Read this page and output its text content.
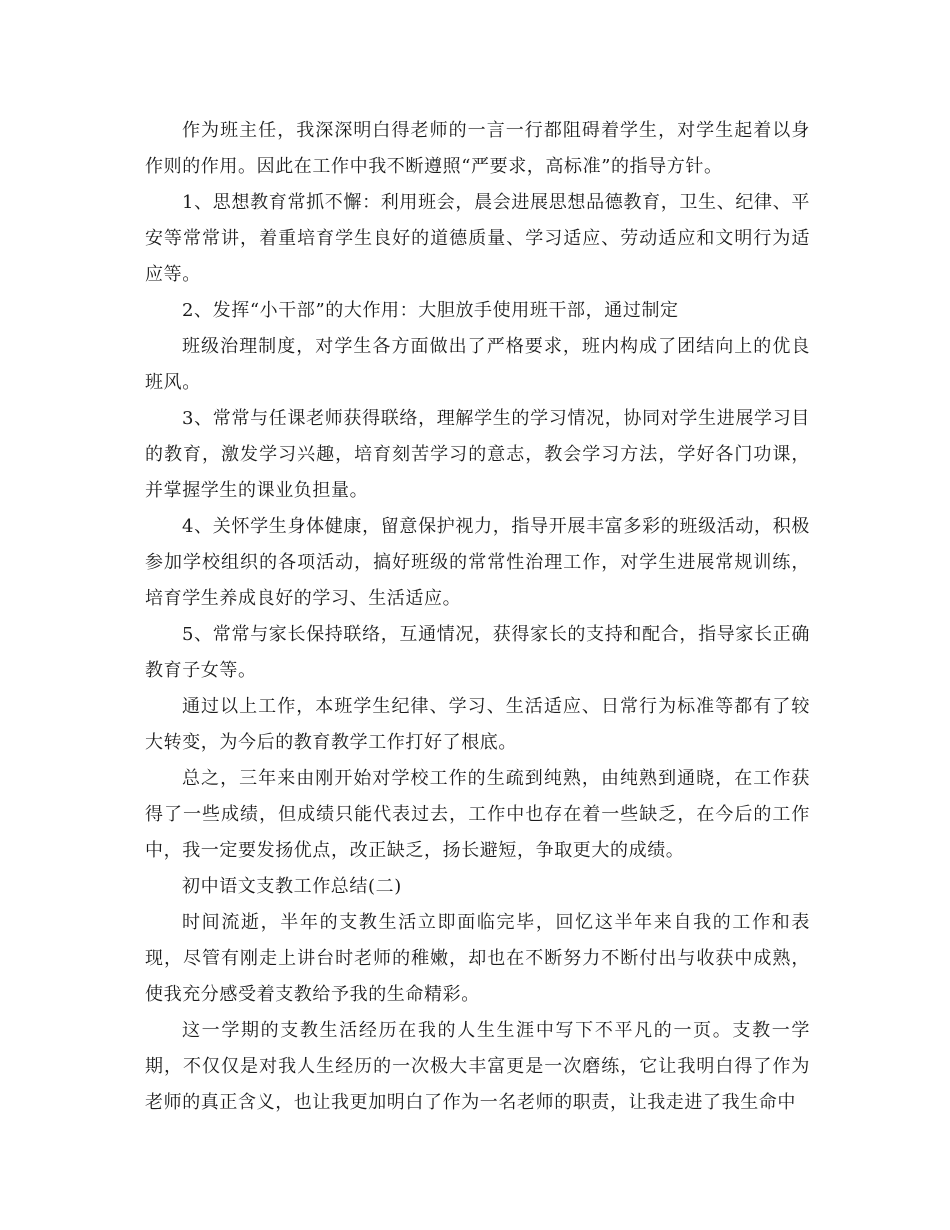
作为班主任，我深深明白得老师的一言一行都阻碍着学生，对学生起着以身作则的作用。因此在工作中我不断遵照“严要求，高标准”的指导方针。

1、思想教育常抓不懈：利用班会，晨会进展思想品德教育，卫生、纪律、平安等常常讲，着重培育学生良好的道德质量、学习适应、劳动适应和文明行为适应等。

2、发挥“小干部”的大作用：大胆放手使用班干部，通过制定

班级治理制度，对学生各方面做出了严格要求，班内构成了团结向上的优良班风。

3、常常与任课老师获得联络，理解学生的学习情况，协同对学生进展学习目的教育，激发学习兴趣，培育刻苦学习的意志，教会学习方法，学好各门功课，并掌握学生的课业负担量。

4、关怀学生身体健康，留意保护视力，指导开展丰富多彩的班级活动，积极参加学校组织的各项活动，搞好班级的常常性治理工作，对学生进展常规训练，培育学生养成良好的学习、生活适应。

5、常常与家长保持联络，互通情况，获得家长的支持和配合，指导家长正确教育子女等。

通过以上工作，本班学生纪律、学习、生活适应、日常行为标准等都有了较大转变，为今后的教育教学工作打好了根底。

总之，三年来由刚开始对学校工作的生疏到纯熟，由纯熟到通晓，在工作获得了一些成绩，但成绩只能代表过去，工作中也存在着一些缺乏，在今后的工作中，我一定要发扬优点，改正缺乏，扬长避短，争取更大的成绩。

初中语文支教工作总结(二)

时间流逝，半年的支教生活立即面临完毕，回忆这半年来自我的工作和表现，尽管有刚走上讲台时老师的稚嫩，却也在不断努力不断付出与收获中成熟，使我充分感受着支教给予我的生命精彩。

这一学期的支教生活经历在我的人生生涯中写下不平凡的一页。支教一学期，不仅仅是对我人生经历的一次极大丰富更是一次磨练，它让我明白得了作为老师的真正含义，也让我更加明白了作为一名老师的职责，让我走进了我生命中
